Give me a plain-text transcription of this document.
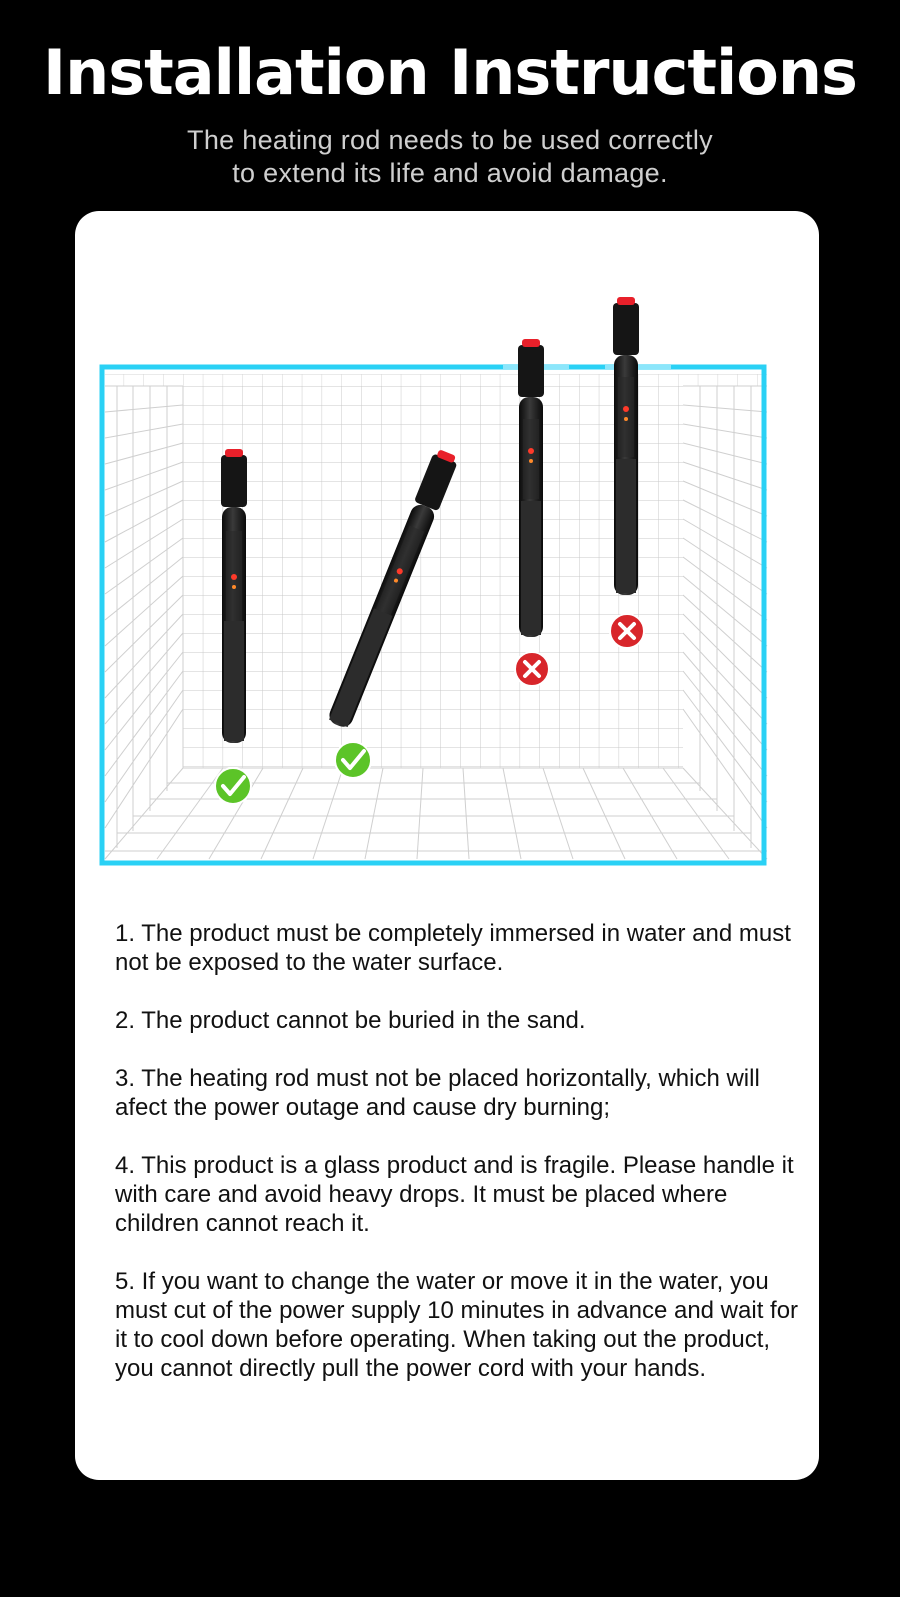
Installation Instructions
The heating rod needs to be used correctly
to extend its life and avoid damage.

1. The product must be completely immersed in water and must not be exposed to the water surface.

2. The product cannot be buried in the sand.

3. The heating rod must not be placed horizontally, which will afect the power outage and cause dry burning;

4. This product is a glass product and is fragile. Please handle it with care and avoid heavy drops. It must be placed where children cannot reach it.

5. If you want to change the water or move it in the water, you must cut of the power supply 10 minutes in advance and wait for it to cool down before operating. When taking out the product, you cannot directly pull the power cord with your hands.
